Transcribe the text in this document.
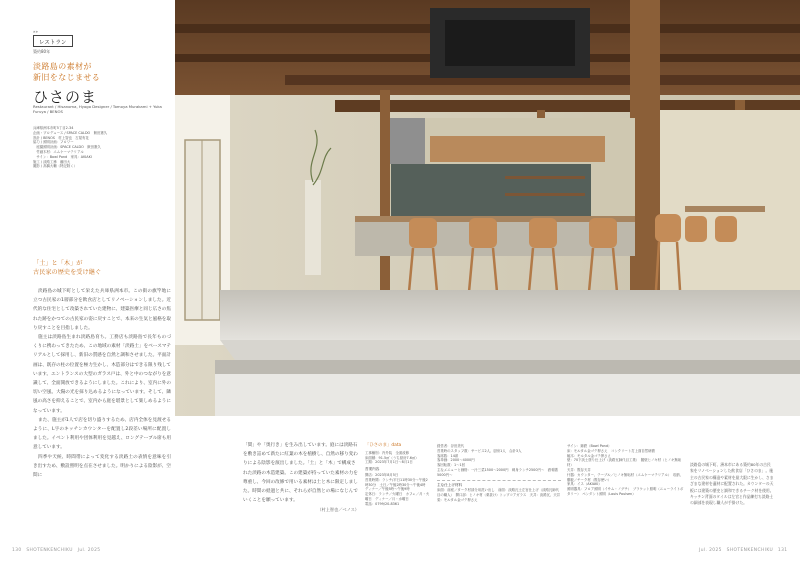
»»
レストラン
築約80年
淡路島の素材が
新旧をなじませる
ひさのま
Restaurant / Hisanoma, Hyogo Designer / Tomoya Murakami + Yuka Furuya / BENOS
兵庫県洲本市町5丁目2-34
企画・プロデュース / SPACE CALDO　飯田憲久
設計 / BENOS　村上智也　古屋有花
協力 / 照明計画：フロワー
　庭園照明計画：SPACE CALDO　飯田憲久
　竹細木材：エムケーマテリアル
　サイン：Bowl Pond　家具：AKIAKI
施工 / 淡路工務　藤田大
撮影 / 高橋大輔（特記除く）
「土」と「木」が
古民家の歴史を受け継ぐ

淡路島の城下町として栄えた兵庫県洲本市。この街の旗竿地に立つ古民家の1層部分を飲食店としてリノベーションしました。近代的な住宅として改築されていた建物に、建築医療と同じ広さの焦れた跡をかつての古民家の姿に戻すことで、本来の生気と風格を取り戻すことを目指しました。

施主は淡路島生まれ淡路島育ち。工務店も淡路島で長年ものづくりに携わってきたため、この地域の素材「淡路土」をベースマテリアルとして採用し、新旧の質感を自然と調和させました。平面計画は、既存の柱の位置を極力生かし、木造部分はできる限り残しています。エントランスの大型のガラス戸は、外と中のつながりを意識して、全面開放できるようにしました。これにより、室内に外の切い空風、大陽の光を採り込めるようになっています。そして、隣風の高さを抑えることで、室内から庭を堪景として楽しめるようになっています。

また、施主が1人で店を切り盛りするため、店内全体を見渡せるように、L字のキッチンカウンターを配置し2段差い場所に配置しました。イベント利用や団体利用を見越え、ロングテーブル席も用意しています。

四季や天候、時間帯によって変化する淡路土の表情を意味を引き出すため、敷設照明を点在させました。明かりによる陰影が、空間に

「間」や「奥行き」を生み出しています。庭には淡路石を敷き詰めて新たに紅葉の木を植樹し、自然の移り変わりによる陰影を演出しました。「土」と「木」で構成された淡路の木造建築。この建築が持っていた素材の力を尊重し、今回の改修で用いる素材は土と木に限定しました。時間の経過と共に、それらが自然との場になじんでいくことを願っています。

（村上智也／ベノス）
「ひさのま」data
工事種別：内外装　全面改修
床面積：91.5㎡（うち厨房7.6㎡）
工期：2023年7月1日〜8月1日
営業内容
開店：2023年8月5日
営業時間：ランチ/平日11時30分〜午後2時30分　土日／午後2時30分〜午後4時　ディナー／午後5時〜午後9時
定休日：ランチ／火曜日　カフェ／月・火曜日　ディナー／月・水曜日
電話：0799/20-8361
経営者：谷田美代
営業時のスタッフ数：サービス2人、厨房1人　合計3人
客席数：14席
客単価：2000〜4000円
客回転数：1〜1回
主なメニューと価格：一汁三菜1500〜2000円　刺身ランチ2500円〜　酒肴膳5000円〜
主な仕上げ材料
床面：前庭／ターク材部分用洗い出し　前面：淡路瓦土左官仕上げ（淡路瓦師代目の職人）　開口部：ヒノキ材（乗抜け）トップコアガラス　天井：淡路瓦、天井梁：モルタル金ゴテ押さえ
サイン：鋳鉄（Bowl Pond）
床：モルタル金ゴテ押さえ　コンクリート打上面自然研磨
幅木：モルタル金ゴテ押さえ
壁：70下淡土塗り仕上げ（淡路瓦師代目工業）　腰壁ヒノキ材（ヒノキ無垢材）
天井：既存天井
什器：カウンター、テーブル／ヒノキ無垢材（エムケーマテリアル）　収納、棚板／チーク材（既存使い）
家具：イス（AKIAKI）
照明器具：フロア照明（イサム・ノグチ）　ブラケット照明（ニューライトポタリー）　ペンダント照明（Louis Poulsen）
淡路島の城下町、洲本市にある築約80年の古民家をリノベーションした飲食店「ひさのま」。施主の古民家の構造や素材を最大限に生かし、さまざまな建材を適材に配置された。カウンターの天板には建築の歴史と調和できるチーク材を使用。キッチン背面のタイルは左官と作品練打ち淡路土の細部を表現し職人が手掛けた。
130　SHOTENKENCHIKU　Jul. 2025	Jul. 2025　SHOTENKENCHIKU　131
